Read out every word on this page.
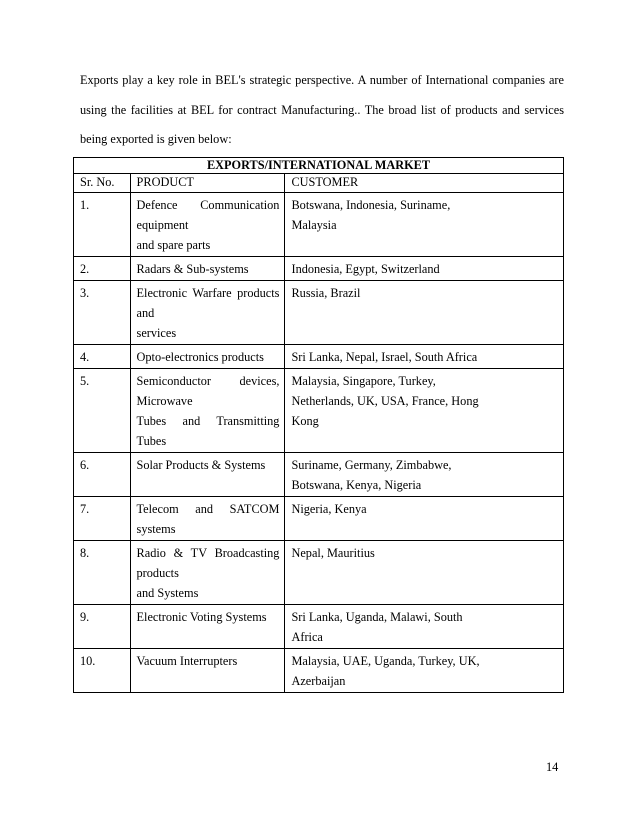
Exports play a key role in BEL's strategic perspective. A number of International companies are using the facilities at BEL for contract Manufacturing.. The broad list of products and services being exported is given below:

EXPORTS/INTERNATIONAL MARKET		
Sr. No.	PRODUCT	CUSTOMER
1.	Defence Communication
equipment
and spare parts	Botswana, Indonesia, Suriname,
Malaysia

2.	Radars & Sub-systems	Indonesia, Egypt, Switzerland

3.	Electronic Warfare products
and
services	Russia, Brazil

4.	Opto-electronics products	Sri Lanka, Nepal, Israel, South Africa

5.	Semiconductor devices,
Microwave
Tubes and Transmitting
Tubes	Malaysia, Singapore, Turkey,
Netherlands, UK, USA, France, Hong
Kong

6.	Solar Products & Systems	Suriname, Germany, Zimbabwe,
Botswana, Kenya, Nigeria

7.	Telecom and SATCOM
systems	Nigeria, Kenya

8.	Radio & TV Broadcasting
products
and Systems	Nepal, Mauritius

9.	Electronic Voting Systems	Sri Lanka, Uganda, Malawi, South
Africa

10.	Vacuum Interrupters	Malaysia, UAE, Uganda, Turkey, UK,
Azerbaijan
14
